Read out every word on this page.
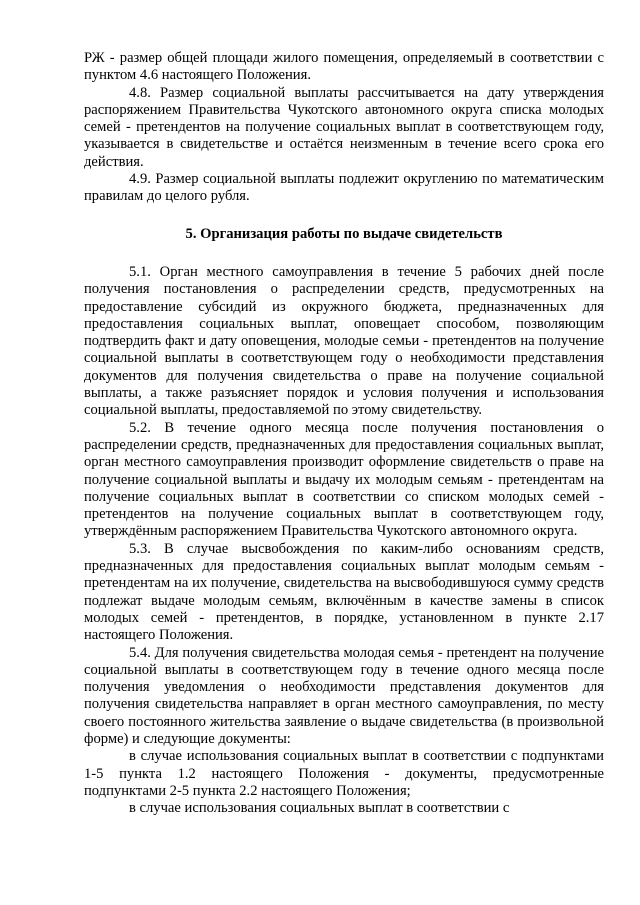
РЖ - размер общей площади жилого помещения, определяемый в соответствии с пунктом 4.6 настоящего Положения.

4.8. Размер социальной выплаты рассчитывается на дату утверждения распоряжением Правительства Чукотского автономного округа списка молодых семей - претендентов на получение социальных выплат в соответствующем году, указывается в свидетельстве и остаётся неизменным в течение всего срока его действия.

4.9. Размер социальной выплаты подлежит округлению по математическим правилам до целого рубля.

5. Организация работы по выдаче свидетельств

5.1. Орган местного самоуправления в течение 5 рабочих дней после получения постановления о распределении средств, предусмотренных на предоставление субсидий из окружного бюджета, предназначенных для предоставления социальных выплат, оповещает способом, позволяющим подтвердить факт и дату оповещения, молодые семьи - претендентов на получение социальной выплаты в соответствующем году о необходимости представления документов для получения свидетельства о праве на получение социальной выплаты, а также разъясняет порядок и условия получения и использования социальной выплаты, предоставляемой по этому свидетельству.

5.2. В течение одного месяца после получения постановления о распределении средств, предназначенных для предоставления социальных выплат, орган местного самоуправления производит оформление свидетельств о праве на получение социальной выплаты и выдачу их молодым семьям - претендентам на получение социальных выплат в соответствии со списком молодых семей - претендентов на получение социальных выплат в соответствующем году, утверждённым распоряжением Правительства Чукотского автономного округа.

5.3. В случае высвобождения по каким-либо основаниям средств, предназначенных для предоставления социальных выплат молодым семьям - претендентам на их получение, свидетельства на высвободившуюся сумму средств подлежат выдаче молодым семьям, включённым в качестве замены в список молодых семей - претендентов, в порядке, установленном в пункте 2.17 настоящего Положения.

5.4. Для получения свидетельства молодая семья - претендент на получение социальной выплаты в соответствующем году в течение одного месяца после получения уведомления о необходимости представления документов для получения свидетельства направляет в орган местного самоуправления, по месту своего постоянного жительства заявление о выдаче свидетельства (в произвольной форме) и следующие документы:

в случае использования социальных выплат в соответствии с подпунктами 1-5 пункта 1.2 настоящего Положения - документы, предусмотренные подпунктами 2-5 пункта 2.2 настоящего Положения;

в случае использования социальных выплат в соответствии с
